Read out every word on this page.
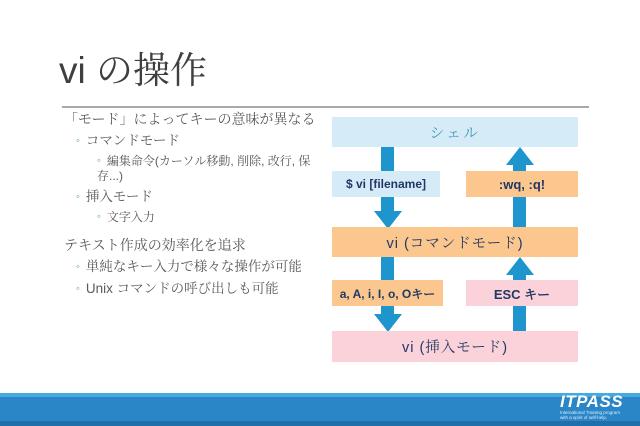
vi の操作
「モード」によってキーの意味が異なる
◦ コマンドモード
◦ 編集命令(カーソル移動, 削除, 改行, 保存...)
◦ 挿入モード
◦ 文字入力
テキスト作成の効率化を追求
◦ 単純なキー入力で様々な操作が可能
◦ Unix コマンドの呼び出しも可能
シェル
$ vi [filename]	:wq, :q!
vi (コマンドモード)
a, A, i, I, o, Oキー	ESC キー
vi (挿入モード)
ITPASS
International Training program
with a spirit of self-help.
